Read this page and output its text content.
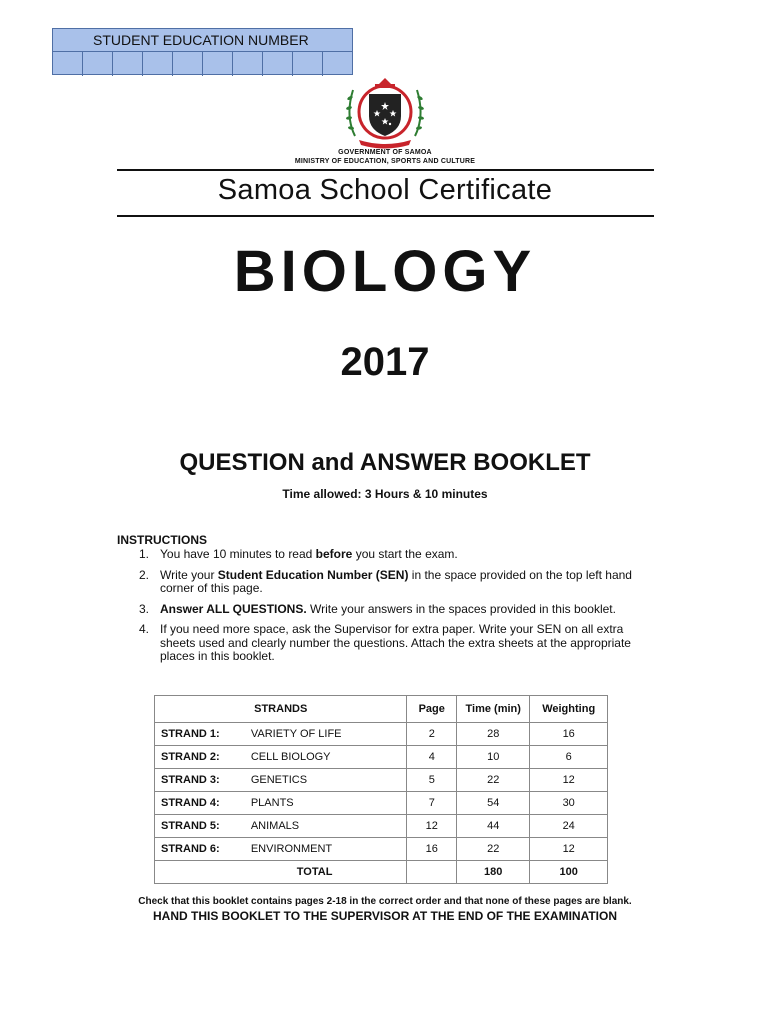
STUDENT EDUCATION NUMBER
GOVERNMENT OF SAMOA
MINISTRY OF EDUCATION, SPORTS AND CULTURE
Samoa School Certificate
BIOLOGY
2017
QUESTION and ANSWER BOOKLET
Time allowed: 3 Hours & 10 minutes
INSTRUCTIONS
1. You have 10 minutes to read before you start the exam.
2. Write your Student Education Number (SEN) in the space provided on the top left hand corner of this page.
3. Answer ALL QUESTIONS. Write your answers in the spaces provided in this booklet.
4. If you need more space, ask the Supervisor for extra paper. Write your SEN on all extra sheets used and clearly number the questions. Attach the extra sheets at the appropriate places in this booklet.
STRANDS		Page	Time (min)	Weighting
STRAND 1:	VARIETY OF LIFE	2	28	16
STRAND 2:	CELL BIOLOGY	4	10	6
STRAND 3:	GENETICS	5	22	12
STRAND 4:	PLANTS	7	54	30
STRAND 5:	ANIMALS	12	44	24
STRAND 6:	ENVIRONMENT	16	22	12
TOTAL			180	100
Check that this booklet contains pages 2-18 in the correct order and that none of these pages are blank.
HAND THIS BOOKLET TO THE SUPERVISOR AT THE END OF THE EXAMINATION
